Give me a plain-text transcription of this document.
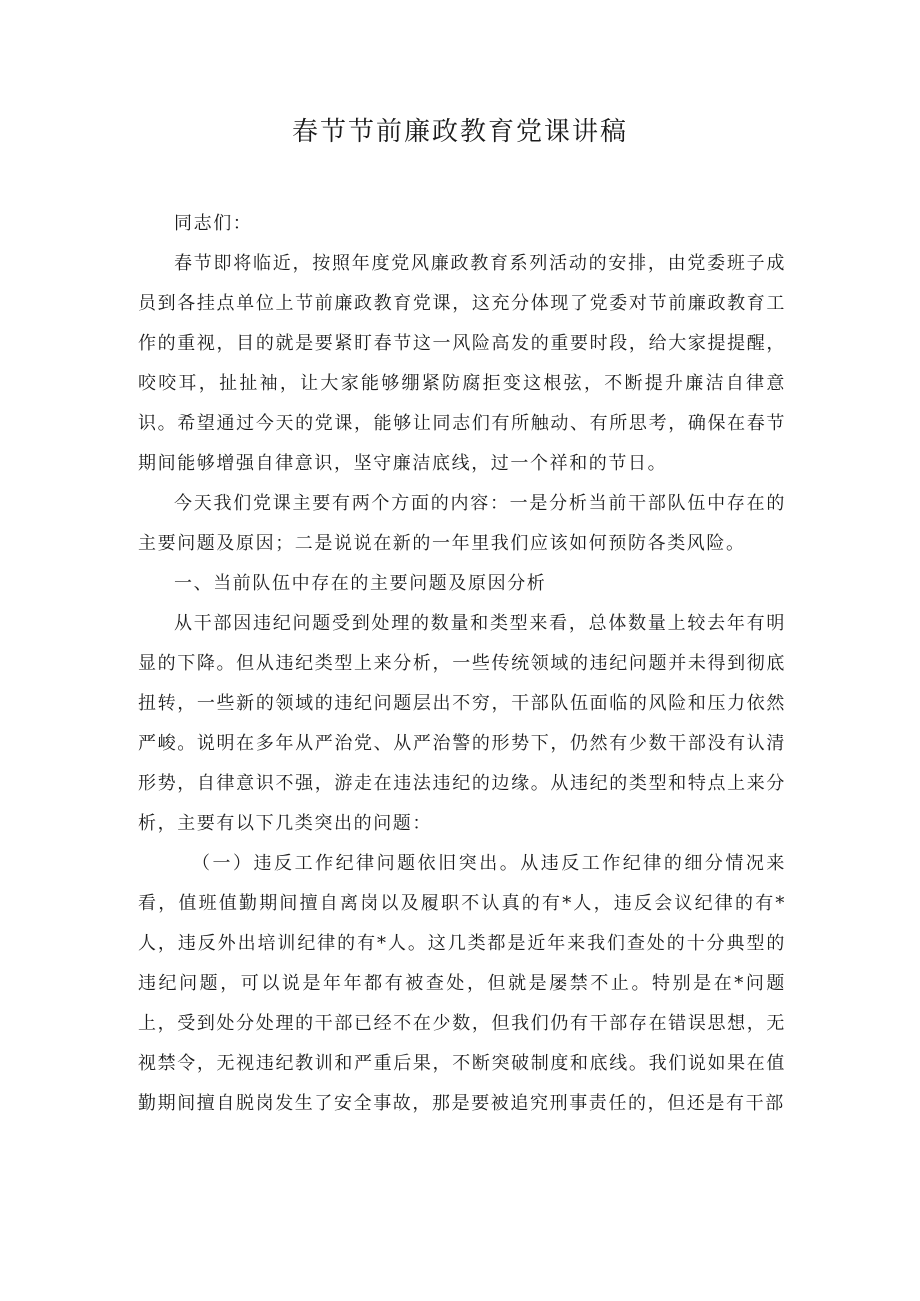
春节节前廉政教育党课讲稿

同志们：

春节即将临近，按照年度党风廉政教育系列活动的安排，由党委班子成员到各挂点单位上节前廉政教育党课，这充分体现了党委对节前廉政教育工作的重视，目的就是要紧盯春节这一风险高发的重要时段，给大家提提醒，咬咬耳，扯扯袖，让大家能够绷紧防腐拒变这根弦，不断提升廉洁自律意识。希望通过今天的党课，能够让同志们有所触动、有所思考，确保在春节期间能够增强自律意识，坚守廉洁底线，过一个祥和的节日。

今天我们党课主要有两个方面的内容：一是分析当前干部队伍中存在的主要问题及原因；二是说说在新的一年里我们应该如何预防各类风险。

一、当前队伍中存在的主要问题及原因分析

从干部因违纪问题受到处理的数量和类型来看，总体数量上较去年有明显的下降。但从违纪类型上来分析，一些传统领域的违纪问题并未得到彻底扭转，一些新的领域的违纪问题层出不穷，干部队伍面临的风险和压力依然严峻。说明在多年从严治党、从严治警的形势下，仍然有少数干部没有认清形势，自律意识不强，游走在违法违纪的边缘。从违纪的类型和特点上来分析，主要有以下几类突出的问题：

（一）违反工作纪律问题依旧突出。从违反工作纪律的细分情况来看，值班值勤期间擅自离岗以及履职不认真的有*人，违反会议纪律的有*人，违反外出培训纪律的有*人。这几类都是近年来我们查处的十分典型的违纪问题，可以说是年年都有被查处，但就是屡禁不止。特别是在*问题上，受到处分处理的干部已经不在少数，但我们仍有干部存在错误思想，无视禁令，无视违纪教训和严重后果，不断突破制度和底线。我们说如果在值勤期间擅自脱岗发生了安全事故，那是要被追究刑事责任的，但还是有干部
